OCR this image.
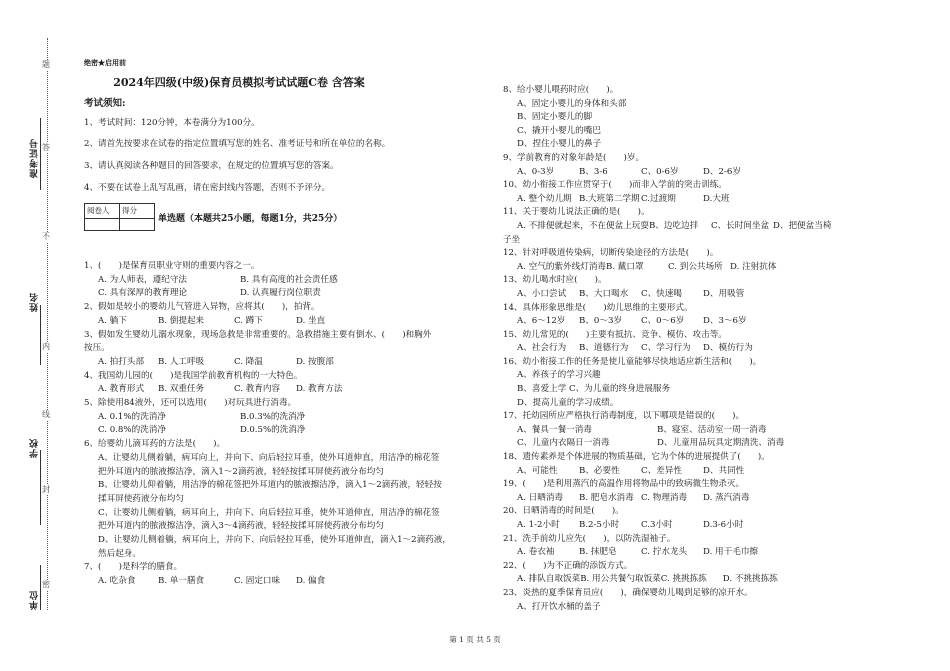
准考证号
姓名
学校
单位
题
答
不
内
线
封
密
绝密★启用前
2024年四级(中级)保育员模拟考试试题C卷 含答案
考试须知:

1、考试时间：120分钟，本卷满分为100分。

2、请首先按要求在试卷的指定位置填写您的姓名、准考证号和所在单位的名称。

3、请认真阅读各种题目的回答要求，在规定的位置填写您的答案。

4、不要在试卷上乱写乱画，请在密封线内答题，否则不予评分。

阅卷人	得分

单选题（本题共25小题，每题1分，共25分）
1、(　　)是保育员职业守则的重要内容之一。
A. 为人师表，遵纪守法	B. 具有高度的社会责任感
C. 具有深厚的教育理论	D. 认真履行岗位职责
2、假如是较小的婴幼儿气管进入异物，应将其(　　)，拍背。
A. 躺下	B. 倒提起来	C. 蹲下	D. 坐直
3、假如发生婴幼儿溺水现象，现场急救是非常重要的。急救措施主要有倒水、(　　)和胸外
按压。
A. 拍打头部 B. 人工呼吸	C. 降温	D. 按腹部
4、我国幼儿园的(　　)是我国学前教育机构的一大特色。
A. 教育形式 B. 双重任务	C. 教育内容 D. 教育方法
5、除使用84液外，还可以选用(　　)对玩具进行消毒。
A. 0.1%的洗消净	B.0.3%的洗消净
C. 0.8%的洗消净	D.0.5%的洗消净
6、给婴幼儿滴耳药的方法是(　　)。
A、让婴幼儿侧着躺，病耳向上，并向下、向后轻拉耳垂，使外耳道伸直，用洁净的棉花签
把外耳道内的脓液擦洁净，滴入1～2滴药液，轻轻按揉耳屏使药液分布均匀
B、让婴幼儿仰着躺，用洁净的棉花签把外耳道内的脓液擦洁净，滴入1～2滴药液，轻轻按
揉耳屏使药液分布均匀
C、让婴幼儿侧着躺，病耳向上，并向下、向后轻拉耳垂，使外耳道伸直，用洁净的棉花签
把外耳道内的脓液擦洁净，滴入3～4滴药液，轻轻按揉耳屏使药液分布均匀
D、让婴幼儿侧着躺，病耳向上，并向下、向后轻拉耳垂，使外耳道伸直，滴入1～2滴药液，
然后起身。
7、(　　)是科学的膳食。
A. 吃杂食	B. 单一膳食	C. 固定口味 D. 偏食
8、给小婴儿喂药时应(　　)。
A、固定小婴儿的身体和头部
B、固定小婴儿的脚
C、撬开小婴儿的嘴巴
D、捏住小婴儿的鼻子
9、学前教育的对象年龄是(　　)岁。
A、0-3岁	B、3-6	C、0-6岁	D、2-6岁
10、幼小衔接工作应贯穿于(　　)而非入学前的突击训练。
A. 整个幼儿期 B.大班第二学期C.过渡期	D.大班
11、关于婴幼儿说法正确的是(　　)。
A. 不排便就起来，不在便盆上玩耍B、边吃边拌 C、长时间坐盆 D、把便盆当椅
子坐
12、针对呼吸道传染病，切断传染途径的方法是(　　)。
A. 空气的紫外线灯消毒B. 戴口罩	C. 到公共场所 D. 注射抗体
13、幼儿喝水时应(　　)。
A、小口尝试 B、大口喝水 C、快速喝 D、用吸管
14、具体形象思维是(　　)幼儿思维的主要形式。
A、6～12岁 B、0～3岁 C、0～6岁 D、3～6岁
15、幼儿常见的(　　)主要有抵抗、竞争、模仿、攻击等。
A、社会行为 B、道德行为 C、学习行为 D、模仿行为
16、幼小衔接工作的任务是使儿童能够尽快地适应新生活和(　　)。
A、养孩子的学习兴趣
B、喜爱上学 C、为儿童的终身进展服务
D、提高儿童的学习成绩。
17、托幼园所应严格执行消毒制度，以下哪项是错误的(　　)。
A、餐具一餐一消毒	B、寝室、活动室一周一消毒
C、儿童内衣隔日一消毒	D、儿童用品玩具定期清洗、消毒
18、遗传素养是个体进展的物质基础，它为个体的进展提供了(　　)。
A、可能性 B、必要性 C、差异性 D、共同性
19、(　　)是利用蒸汽的高温作用将物品中的致病微生物杀灭。
A. 日晒消毒 B. 肥皂水消毒 C. 物理消毒 D. 蒸汽消毒
20、日晒消毒的时间是(　　)。
A. 1-2小时 B.2-5小时	C.3小时	D.3-6小时
21、洗手前幼儿应先(　　)，以防洗湿袖子。
A. 卷衣袖	B. 抹肥皂	C. 拧水龙头 D. 用干毛巾擦
22、(　　)为不正确的添饭方式。
A. 排队自取饭菜B. 用公共餐勺取饭菜C. 挑挑拣拣 D. 不挑挑拣拣
23、炎热的夏季保育员应(　　)，确保婴幼儿喝到足够的凉开水。
A、打开饮水桶的盖子
第 1 页 共 5 页
